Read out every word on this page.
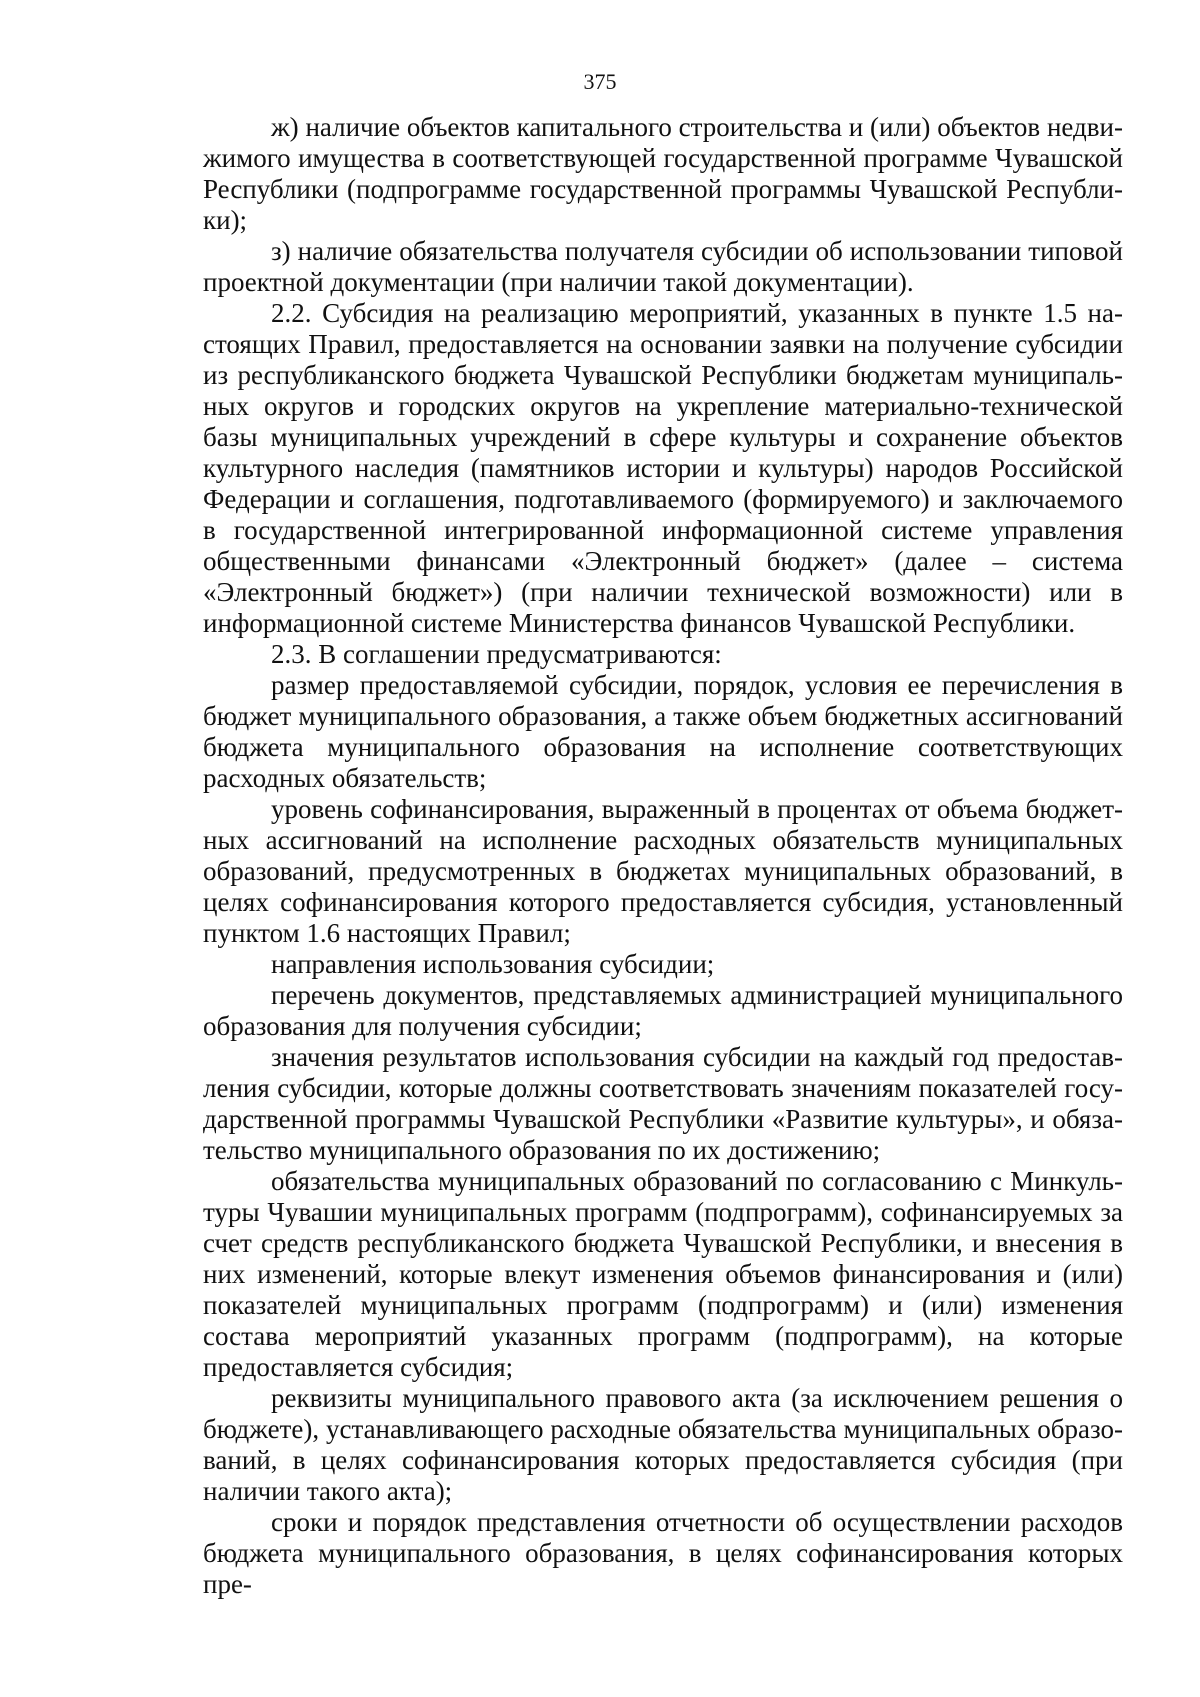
375

ж) наличие объектов капитального строительства и (или) объектов недвижимого имущества в соответствующей государственной программе Чувашской Республики (подпрограмме государственной программы Чувашской Республики);

з) наличие обязательства получателя субсидии об использовании типовой проектной документации (при наличии такой документации).

2.2. Субсидия на реализацию мероприятий, указанных в пункте 1.5 настоящих Правил, предоставляется на основании заявки на получение субсидии из республиканского бюджета Чувашской Республики бюджетам муниципальных округов и городских округов на укрепление материально-технической базы муниципальных учреждений в сфере культуры и сохранение объектов культурного наследия (памятников истории и культуры) народов Российской Федерации и соглашения, подготавливаемого (формируемого) и заключаемого в государственной интегрированной информационной системе управления общественными финансами «Электронный бюджет» (далее – система «Электронный бюджет») (при наличии технической возможности) или в информационной системе Министерства финансов Чувашской Республики.

2.3. В соглашении предусматриваются:

размер предоставляемой субсидии, порядок, условия ее перечисления в бюджет муниципального образования, а также объем бюджетных ассигнований бюджета муниципального образования на исполнение соответствующих расходных обязательств;

уровень софинансирования, выраженный в процентах от объема бюджетных ассигнований на исполнение расходных обязательств муниципальных образований, предусмотренных в бюджетах муниципальных образований, в целях софинансирования которого предоставляется субсидия, установленный пунктом 1.6 настоящих Правил;

направления использования субсидии;

перечень документов, представляемых администрацией муниципального образования для получения субсидии;

значения результатов использования субсидии на каждый год предоставления субсидии, которые должны соответствовать значениям показателей государственной программы Чувашской Республики «Развитие культуры», и обязательство муниципального образования по их достижению;

обязательства муниципальных образований по согласованию с Минкультуры Чувашии муниципальных программ (подпрограмм), софинансируемых за счет средств республиканского бюджета Чувашской Республики, и внесения в них изменений, которые влекут изменения объемов финансирования и (или) показателей муниципальных программ (подпрограмм) и (или) изменения состава мероприятий указанных программ (подпрограмм), на которые предоставляется субсидия;

реквизиты муниципального правового акта (за исключением решения о бюджете), устанавливающего расходные обязательства муниципальных образований, в целях софинансирования которых предоставляется субсидия (при наличии такого акта);

сроки и порядок представления отчетности об осуществлении расходов бюджета муниципального образования, в целях софинансирования которых пре-
